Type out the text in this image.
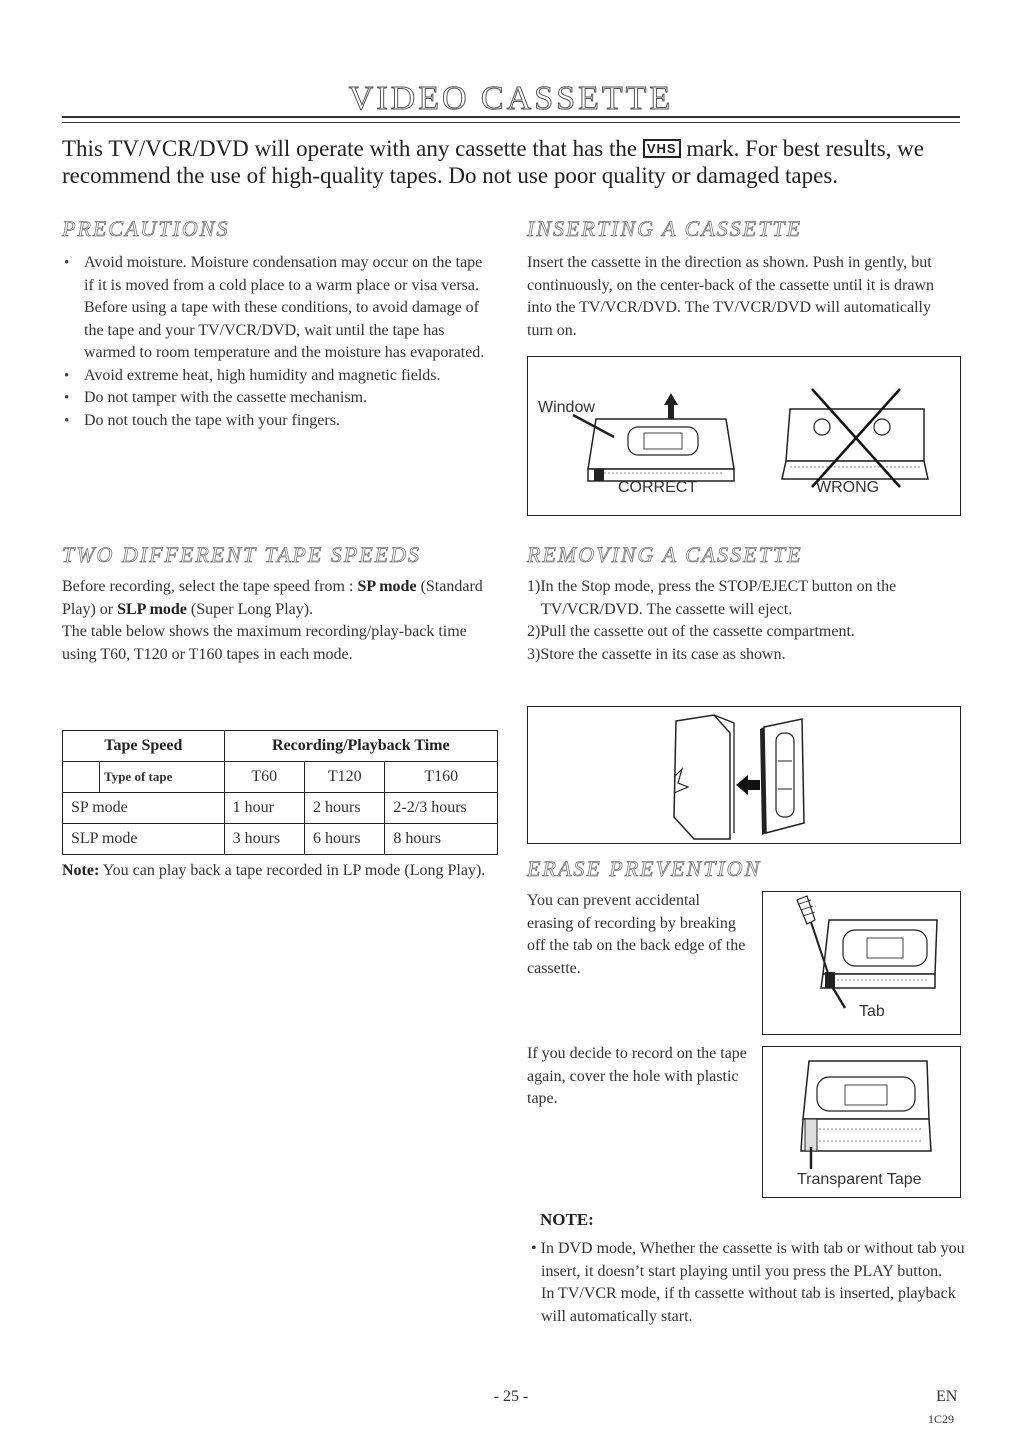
VIDEO CASSETTE
This TV/VCR/DVD will operate with any cassette that has the VHS mark. For best results, we recommend the use of high-quality tapes. Do not use poor quality or damaged tapes.
PRECAUTIONS
• Avoid moisture. Moisture condensation may occur on the tape if it is moved from a cold place to a warm place or visa versa. Before using a tape with these conditions, to avoid damage of the tape and your TV/VCR/DVD, wait until the tape has warmed to room temperature and the moisture has evaporated.
• Avoid extreme heat, high humidity and magnetic fields.
• Do not tamper with the cassette mechanism.
• Do not touch the tape with your fingers.
INSERTING A CASSETTE
Insert the cassette in the direction as shown. Push in gently, but continuously, on the center-back of the cassette until it is drawn into the TV/VCR/DVD. The TV/VCR/DVD will automatically turn on.
Window
CORRECT	WRONG
TWO DIFFERENT TAPE SPEEDS
Before recording, select the tape speed from : SP mode (Standard Play) or SLP mode (Super Long Play).
The table below shows the maximum recording/play-back time using T60, T120 or T160 tapes in each mode.
Tape Speed		Recording/Playback Time		
	Type of tape	T60	T120	T160
SP mode		1 hour	2 hours	2-2/3 hours
SLP mode		3 hours	6 hours	8 hours
Note: You can play back a tape recorded in LP mode (Long Play).
REMOVING A CASSETTE
1)In the Stop mode, press the STOP/EJECT button on the TV/VCR/DVD. The cassette will eject.
2)Pull the cassette out of the cassette compartment.
3)Store the cassette in its case as shown.
ERASE PREVENTION
You can prevent accidental erasing of recording by breaking off the tab on the back edge of the cassette.
Tab
If you decide to record on the tape again, cover the hole with plastic tape.
Transparent Tape
NOTE:
• In DVD mode, Whether the cassette is with tab or without tab you insert, it doesn’t start playing until you press the PLAY button.
In TV/VCR mode, if th cassette without tab is inserted, playback will automatically start.
- 25 -	EN
1C29
